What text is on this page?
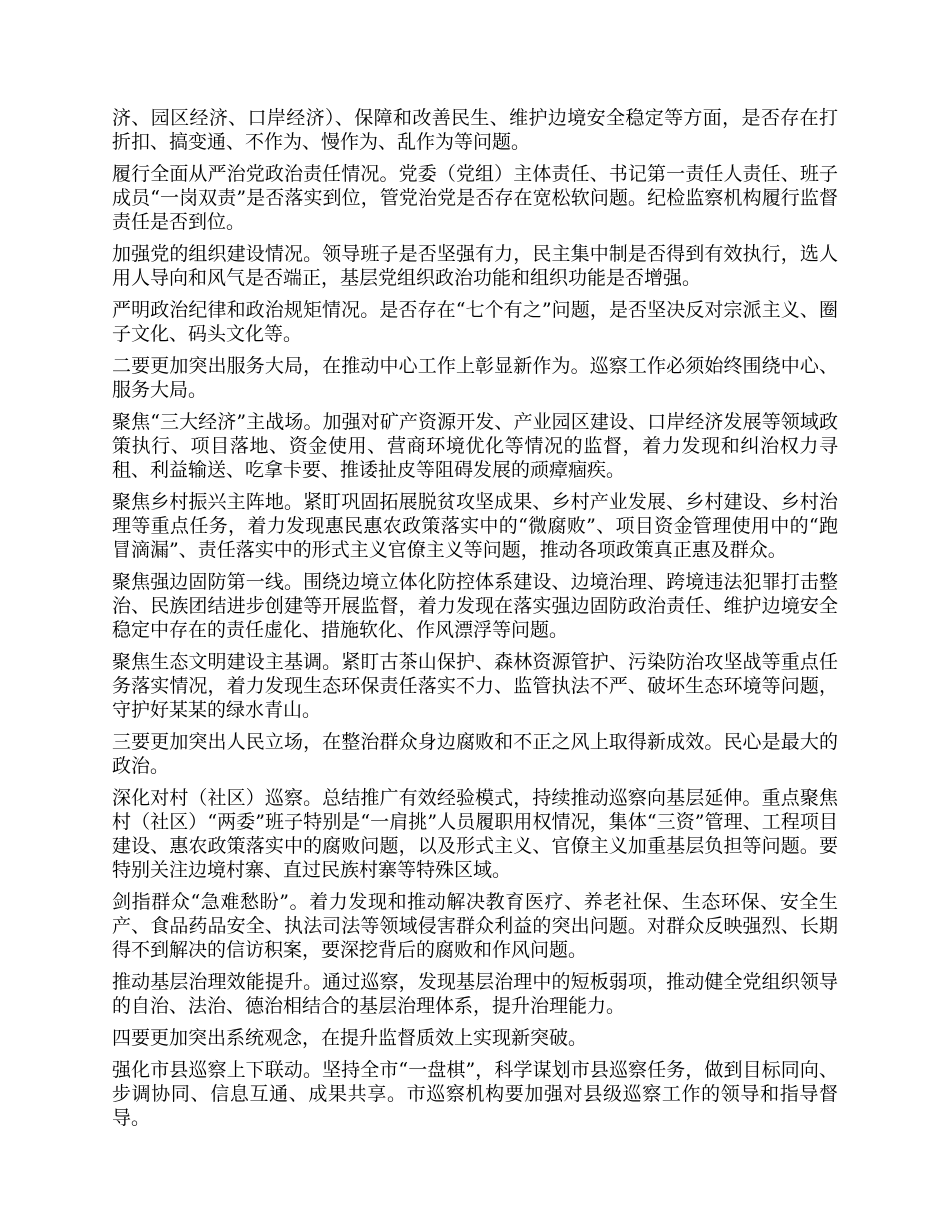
济、园区经济、口岸经济）、保障和改善民生、维护边境安全稳定等方面，是否存在打折扣、搞变通、不作为、慢作为、乱作为等问题。

履行全面从严治党政治责任情况。党委（党组）主体责任、书记第一责任人责任、班子成员“一岗双责”是否落实到位，管党治党是否存在宽松软问题。纪检监察机构履行监督责任是否到位。

加强党的组织建设情况。领导班子是否坚强有力，民主集中制是否得到有效执行，选人用人导向和风气是否端正，基层党组织政治功能和组织功能是否增强。

严明政治纪律和政治规矩情况。是否存在“七个有之”问题，是否坚决反对宗派主义、圈子文化、码头文化等。

二要更加突出服务大局，在推动中心工作上彰显新作为。巡察工作必须始终围绕中心、服务大局。

聚焦“三大经济”主战场。加强对矿产资源开发、产业园区建设、口岸经济发展等领域政策执行、项目落地、资金使用、营商环境优化等情况的监督，着力发现和纠治权力寻租、利益输送、吃拿卡要、推诿扯皮等阻碍发展的顽瘴痼疾。

聚焦乡村振兴主阵地。紧盯巩固拓展脱贫攻坚成果、乡村产业发展、乡村建设、乡村治理等重点任务，着力发现惠民惠农政策落实中的“微腐败”、项目资金管理使用中的“跑冒滴漏”、责任落实中的形式主义官僚主义等问题，推动各项政策真正惠及群众。

聚焦强边固防第一线。围绕边境立体化防控体系建设、边境治理、跨境违法犯罪打击整治、民族团结进步创建等开展监督，着力发现在落实强边固防政治责任、维护边境安全稳定中存在的责任虚化、措施软化、作风漂浮等问题。

聚焦生态文明建设主基调。紧盯古茶山保护、森林资源管护、污染防治攻坚战等重点任务落实情况，着力发现生态环保责任落实不力、监管执法不严、破坏生态环境等问题，守护好某某的绿水青山。

三要更加突出人民立场，在整治群众身边腐败和不正之风上取得新成效。民心是最大的政治。

深化对村（社区）巡察。总结推广有效经验模式，持续推动巡察向基层延伸。重点聚焦村（社区）“两委”班子特别是“一肩挑”人员履职用权情况，集体“三资”管理、工程项目建设、惠农政策落实中的腐败问题，以及形式主义、官僚主义加重基层负担等问题。要特别关注边境村寨、直过民族村寨等特殊区域。

剑指群众“急难愁盼”。着力发现和推动解决教育医疗、养老社保、生态环保、安全生产、食品药品安全、执法司法等领域侵害群众利益的突出问题。对群众反映强烈、长期得不到解决的信访积案，要深挖背后的腐败和作风问题。

推动基层治理效能提升。通过巡察，发现基层治理中的短板弱项，推动健全党组织领导的自治、法治、德治相结合的基层治理体系，提升治理能力。

四要更加突出系统观念，在提升监督质效上实现新突破。

强化市县巡察上下联动。坚持全市“一盘棋”，科学谋划市县巡察任务，做到目标同向、步调协同、信息互通、成果共享。市巡察机构要加强对县级巡察工作的领导和指导督导。
